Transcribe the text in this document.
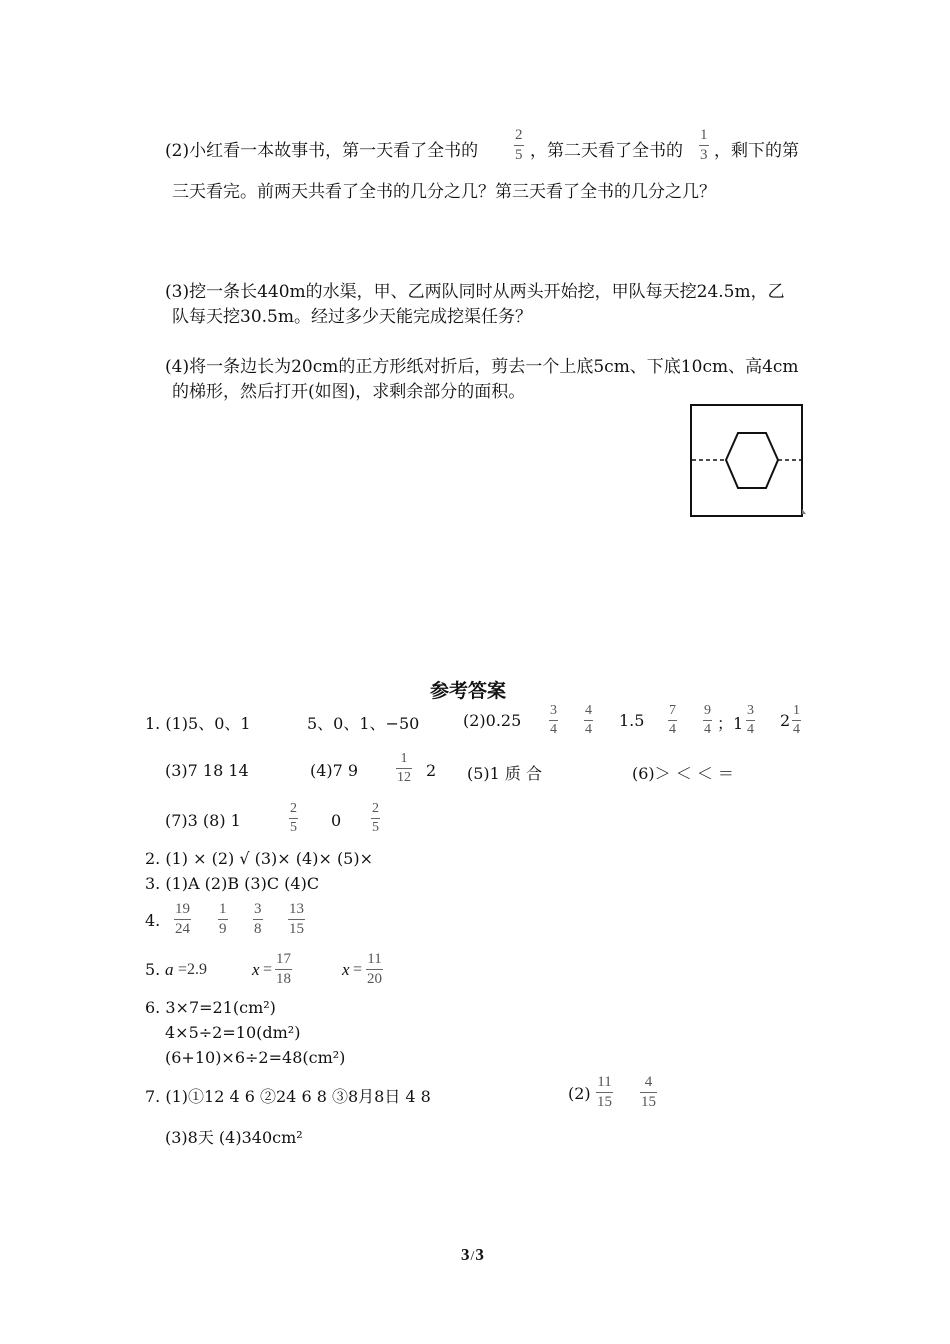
(2)小红看一本故事书，第一天看了全书的 $\frac{2}{5}$ ，第二天看了全书的 $\frac{1}{3}$ ，剩下的第
三天看完。前两天共看了全书的几分之几？第三天看了全书的几分之几？
(3)挖一条长440m的水渠，甲、乙两队同时从两头开始挖，甲队每天挖24.5m，乙
队每天挖30.5m。经过多少天能完成挖渠任务？
(4)将一条边长为20cm的正方形纸对折后，剪去一个上底5cm、下底10cm、高4cm
的梯形，然后打开(如图)，求剩余部分的面积。
参考答案
1. (1)5、0、1	5、0、1、−50	$(2)0.25 \frac{3}{4} \frac{4}{4} 1.5 \frac{7}{4} \frac{9}{4}$ ；$1 \frac{3}{4} 2 \frac{1}{4}$
(3)7 18 14	(4)7 9	$\frac{1}{12} 2$ (5)1 质 合	(6)＞ ＜ ＜ ＝
(7)3 (8) 1	$\frac{2}{5} 0 \frac{2}{5}$
2. (1) × (2) √ (3)× (4)× (5)×
3. (1)A (2)B (3)C (4)C
4. $\frac{19}{24} \frac{1}{9} \frac{3}{8} \frac{13}{15}$
5. a =2.9	$x = \frac{17}{18}$	$x = \frac{11}{20}$
6. 3×7=21(cm²)
4×5÷2=10(dm²)
(6+10)×6÷2=48(cm²)
7. (1)①12 4 6 ②24 6 8 ③8月8日 4 8	$(2) \frac{11}{15} \frac{4}{15}$
(3)8天 (4)340cm²
3/3
